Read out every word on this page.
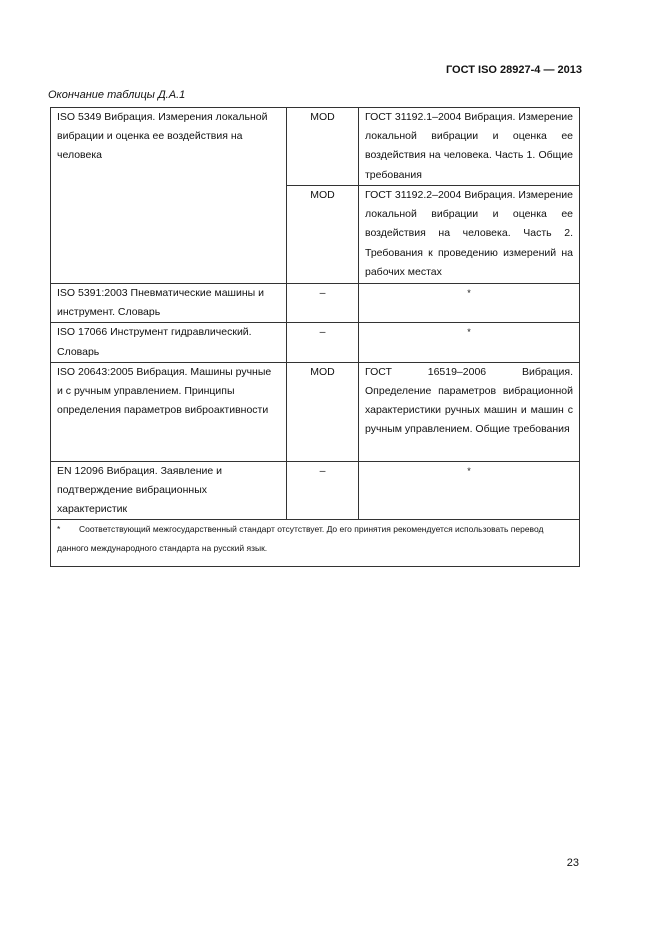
ГОСТ ISO 28927-4 — 2013
Окончание таблицы Д.А.1
ISO 5349 Вибрация. Измерения локальной вибрации и оценка ее воздействия на человека	MOD	ГОСТ 31192.1–2004 Вибрация. Измерение локальной вибрации и оценка ее воздействия на человека. Часть 1. Общие требования
	MOD	ГОСТ 31192.2–2004 Вибрация. Измерение локальной вибрации и оценка ее воздействия на человека. Часть 2. Требования к проведению измерений на рабочих местах
ISO 5391:2003 Пневматические машины и инструмент. Словарь	–	*
ISO 17066 Инструмент гидравлический. Словарь	–	*
ISO 20643:2005 Вибрация. Машины ручные и с ручным управлением. Принципы определения параметров виброактивности	MOD	ГОСТ 16519–2006 Вибрация. Определение параметров вибрационной характеристики ручных машин и машин с ручным управлением. Общие требования
EN 12096 Вибрация. Заявление и подтверждение вибрационных характеристик	–	*
* Соответствующий межгосударственный стандарт отсутствует. До его принятия рекомендуется использовать перевод данного международного стандарта на русский язык.		
23
